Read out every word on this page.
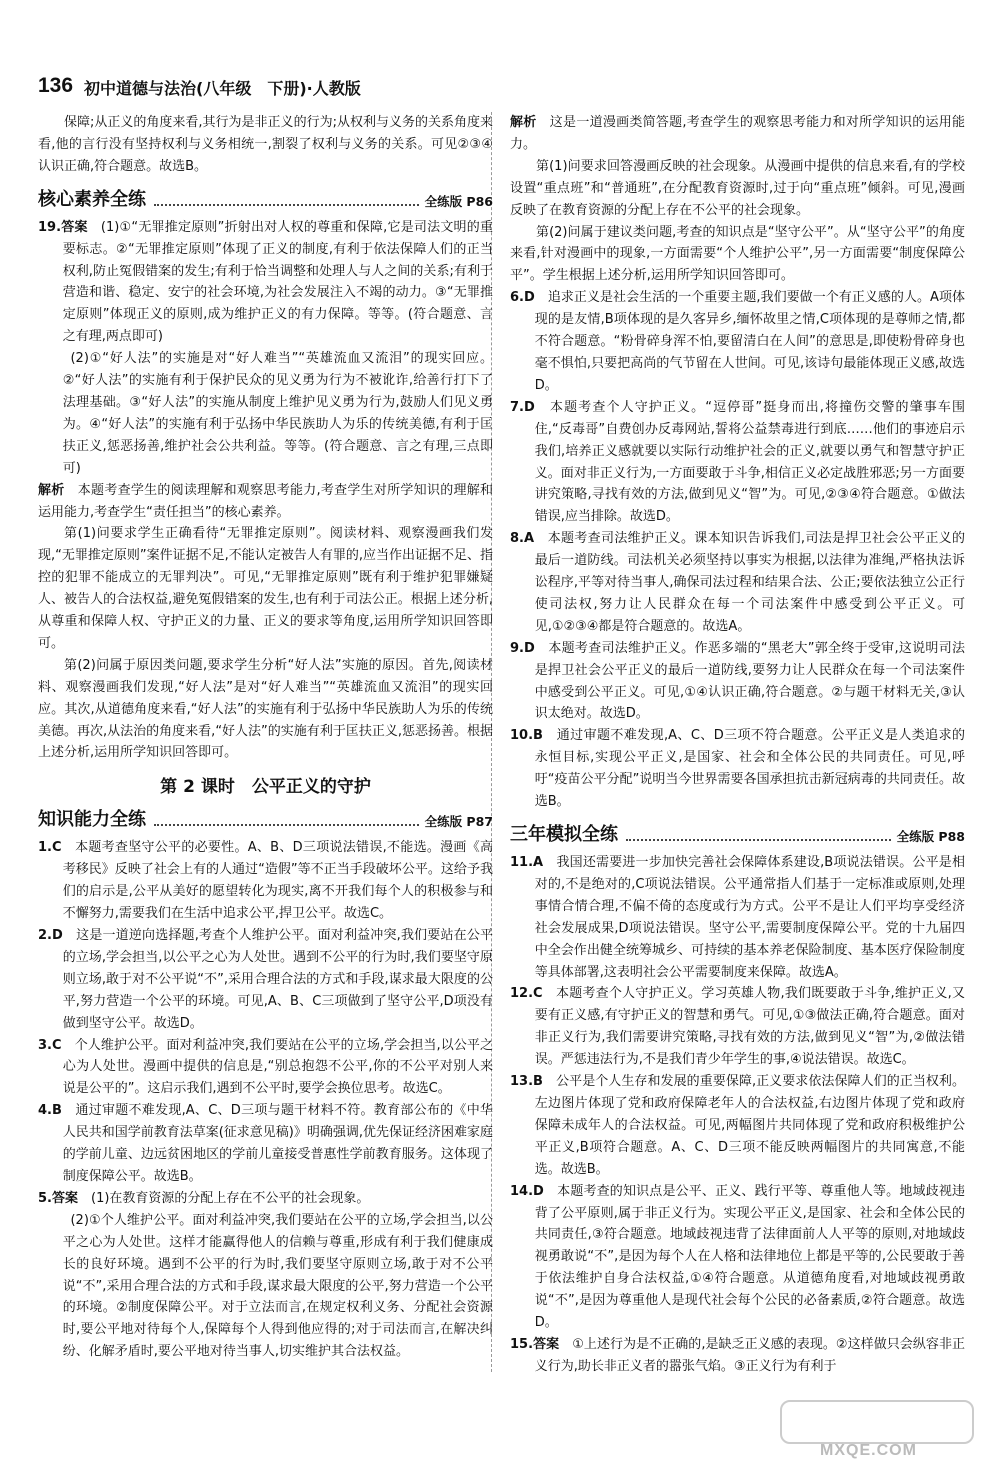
136 初中道德与法治(八年级　下册)·人教版

保障;从正义的角度来看,其行为是非正义的行为;从权利与义务的关系角度来看,他的言行没有坚持权利与义务相统一,割裂了权利与义务的关系。可见②③④认识正确,符合题意。故选B。

核心素养全练	全练版 P86

19.答案　 (1)①“无罪推定原则”折射出对人权的尊重和保障,它是司法文明的重要标志。②“无罪推定原则”体现了正义的制度,有利于依法保障人们的正当权利,防止冤假错案的发生;有利于恰当调整和处理人与人之间的关系;有利于营造和谐、稳定、安宁的社会环境,为社会发展注入不竭的动力。③“无罪推定原则”体现正义的原则,成为维护正义的有力保障。等等。(符合题意、言之有理,两点即可)

(2)①“好人法”的实施是对“好人难当”“英雄流血又流泪”的现实回应。②“好人法”的实施有利于保护民众的见义勇为行为不被讹诈,给善行打下了法理基础。③“好人法”的实施从制度上维护见义勇为行为,鼓励人们见义勇为。④“好人法”的实施有利于弘扬中华民族助人为乐的传统美德,有利于匡扶正义,惩恶扬善,维护社会公共利益。等等。(符合题意、言之有理,三点即可)

解析　 本题考查学生的阅读理解和观察思考能力,考查学生对所学知识的理解和运用能力,考查学生“责任担当”的核心素养。

第(1)问要求学生正确看待“无罪推定原则”。阅读材料、观察漫画我们发现,“无罪推定原则”案件证据不足,不能认定被告人有罪的,应当作出证据不足、指控的犯罪不能成立的无罪判决”。可见,“无罪推定原则”既有利于维护犯罪嫌疑人、被告人的合法权益,避免冤假错案的发生,也有利于司法公正。根据上述分析,从尊重和保障人权、守护正义的力量、正义的要求等角度,运用所学知识回答即可。

第(2)问属于原因类问题,要求学生分析“好人法”实施的原因。首先,阅读材料、观察漫画我们发现,“好人法”是对“好人难当”“英雄流血又流泪”的现实回应。其次,从道德角度来看,“好人法”的实施有利于弘扬中华民族助人为乐的传统美德。再次,从法治的角度来看,“好人法”的实施有利于匡扶正义,惩恶扬善。根据上述分析,运用所学知识回答即可。

第 2 课时　公平正义的守护
知识能力全练	全练版 P87

1.C　 本题考查坚守公平的必要性。A、B、D三项说法错误,不能选。漫画《高考移民》反映了社会上有的人通过“造假”等不正当手段破坏公平。这给予我们的启示是,公平从美好的愿望转化为现实,离不开我们每个人的积极参与和不懈努力,需要我们在生活中追求公平,捍卫公平。故选C。

2.D　 这是一道逆向选择题,考查个人维护公平。面对利益冲突,我们要站在公平的立场,学会担当,以公平之心为人处世。遇到不公平的行为时,我们要坚守原则立场,敢于对不公平说“不”,采用合理合法的方式和手段,谋求最大限度的公平,努力营造一个公平的环境。可见,A、B、C三项做到了坚守公平,D项没有做到坚守公平。故选D。

3.C　 个人维护公平。面对利益冲突,我们要站在公平的立场,学会担当,以公平之心为人处世。漫画中提供的信息是,“别总抱怨不公平,你的不公平对别人来说是公平的”。这启示我们,遇到不公平时,要学会换位思考。故选C。

4.B　 通过审题不难发现,A、C、D三项与题干材料不符。教育部公布的《中华人民共和国学前教育法草案(征求意见稿)》明确强调,优先保证经济困难家庭的学前儿童、边远贫困地区的学前儿童接受普惠性学前教育服务。这体现了制度保障公平。故选B。

5.答案　 (1)在教育资源的分配上存在不公平的社会现象。

(2)①个人维护公平。面对利益冲突,我们要站在公平的立场,学会担当,以公平之心为人处世。这样才能赢得他人的信赖与尊重,形成有利于我们健康成长的良好环境。遇到不公平的行为时,我们要坚守原则立场,敢于对不公平说“不”,采用合理合法的方式和手段,谋求最大限度的公平,努力营造一个公平的环境。②制度保障公平。对于立法而言,在规定权利义务、分配社会资源时,要公平地对待每个人,保障每个人得到他应得的;对于司法而言,在解决纠纷、化解矛盾时,要公平地对待当事人,切实维护其合法权益。

解析　 这是一道漫画类简答题,考查学生的观察思考能力和对所学知识的运用能力。

第(1)问要求回答漫画反映的社会现象。从漫画中提供的信息来看,有的学校设置“重点班”和“普通班”,在分配教育资源时,过于向“重点班”倾斜。可见,漫画反映了在教育资源的分配上存在不公平的社会现象。

第(2)问属于建议类问题,考查的知识点是“坚守公平”。从“坚守公平”的角度来看,针对漫画中的现象,一方面需要“个人维护公平”,另一方面需要“制度保障公平”。学生根据上述分析,运用所学知识回答即可。

6.D　 追求正义是社会生活的一个重要主题,我们要做一个有正义感的人。A项体现的是友情,B项体现的是久客异乡,缅怀故里之情,C项体现的是尊师之情,都不符合题意。“粉骨碎身浑不怕,要留清白在人间”的意思是,即使粉骨碎身也毫不惧怕,只要把高尚的气节留在人世间。可见,该诗句最能体现正义感,故选D。

7.D　 本题考查个人守护正义。“逗停哥”挺身而出,将撞伤交警的肇事车围住,“反毒哥”自费创办反毒网站,誓将公益禁毒进行到底……他们的事迹启示我们,培养正义感就要以实际行动维护社会的正义,就要以勇气和智慧守护正义。面对非正义行为,一方面要敢于斗争,相信正义必定战胜邪恶;另一方面要讲究策略,寻找有效的方法,做到见义“智”为。可见,②③④符合题意。①做法错误,应当排除。故选D。

8.A　 本题考查司法维护正义。课本知识告诉我们,司法是捍卫社会公平正义的最后一道防线。司法机关必须坚持以事实为根据,以法律为准绳,严格执法诉讼程序,平等对待当事人,确保司法过程和结果合法、公正;要依法独立公正行使司法权,努力让人民群众在每一个司法案件中感受到公平正义。可见,①②③④都是符合题意的。故选A。

9.D　 本题考查司法维护正义。作恶多端的“黑老大”郭全终于受审,这说明司法是捍卫社会公平正义的最后一道防线,要努力让人民群众在每一个司法案件中感受到公平正义。可见,①④认识正确,符合题意。②与题干材料无关,③认识太绝对。故选D。

10.B　 通过审题不难发现,A、C、D三项不符合题意。公平正义是人类追求的永恒目标,实现公平正义,是国家、社会和全体公民的共同责任。可见,呼吁“疫苗公平分配”说明当今世界需要各国承担抗击新冠病毒的共同责任。故选B。

三年模拟全练	全练版 P88

11.A　 我国还需要进一步加快完善社会保障体系建设,B项说法错误。公平是相对的,不是绝对的,C项说法错误。公平通常指人们基于一定标准或原则,处理事情合情合理,不偏不倚的态度或行为方式。公平不是让人们平均享受经济社会发展成果,D项说法错误。坚守公平,需要制度保障公平。党的十九届四中全会作出健全统筹城乡、可持续的基本养老保险制度、基本医疗保险制度等具体部署,这表明社会公平需要制度来保障。故选A。

12.C　 本题考查个人守护正义。学习英雄人物,我们既要敢于斗争,维护正义,又要有正义感,有守护正义的智慧和勇气。可见,①③做法正确,符合题意。面对非正义行为,我们需要讲究策略,寻找有效的方法,做到见义“智”为,②做法错误。严惩违法行为,不是我们青少年学生的事,④说法错误。故选C。

13.B　 公平是个人生存和发展的重要保障,正义要求依法保障人们的正当权利。左边图片体现了党和政府保障老年人的合法权益,右边图片体现了党和政府保障未成年人的合法权益。可见,两幅图片共同体现了党和政府积极维护公平正义,B项符合题意。A、C、D三项不能反映两幅图片的共同寓意,不能选。故选B。

14.D　 本题考查的知识点是公平、正义、践行平等、尊重他人等。地域歧视违背了公平原则,属于非正义行为。实现公平正义,是国家、社会和全体公民的共同责任,③符合题意。地域歧视违背了法律面前人人平等的原则,对地域歧视勇敢说“不”,是因为每个人在人格和法律地位上都是平等的,公民要敢于善于依法维护自身合法权益,①④符合题意。从道德角度看,对地域歧视勇敢说“不”,是因为尊重他人是现代社会每个公民的必备素质,②符合题意。故选D。

15.答案　 ①上述行为是不正确的,是缺乏正义感的表现。②这样做只会纵容非正义行为,助长非正义者的嚣张气焰。③正义行为有利于

MXQE.COM
